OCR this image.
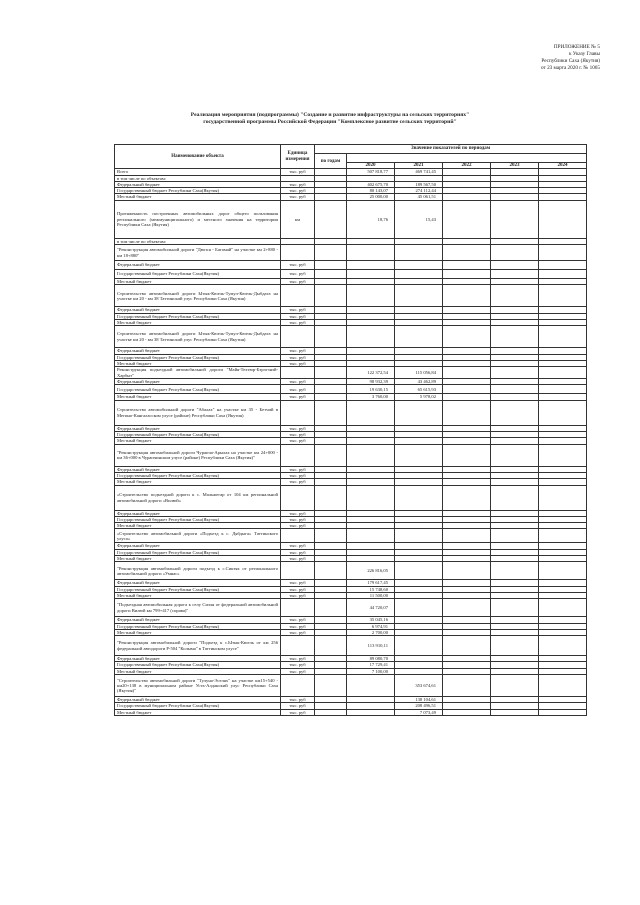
ПРИЛОЖЕНИЕ № 5
к Указу Главы
Республики Саха (Якутия)
от 23 марта 2020 г. № 1065
Реализация мероприятия (подпрограммы) "Создание и развитие инфраструктуры на сельских территориях"
государственной программы Российской Федерации "Комплексное развитие сельских территорий"
Наименование объекта	Единица измерения	Значение показателей по периодам					
		по годам					
			2020	2021	2022	2023	2024
Всего	тыс. руб		507 818,77	469 741,45			
в том числе по объектам:							
Федеральный бюджет	тыс. руб		402 675,70	189 567,50			
Государственный бюджет Республики Саха(Якутия)	тыс. руб		80 143,07	274 112,44			
Местный бюджет	тыс. руб		25 000,00	45 061,51			
Протяженность построенных автомобильных дорог общего пользования регионального (межмуниципального) и местного значения на территории Республики Саха (Якутия)	км		18,76	15,43			
в том числе по объектам:							
"Реконструкция автомобильной дороги "Дюпся - Батамай" на участке км 2+880 - км 18+880"							
Федеральный бюджет	тыс. руб						
Государственный бюджет Республики Саха(Якутия)	тыс. руб						
Местный бюджет	тыс. руб						
Строительство автомобильной дороги Ытык-Кюель-Тумул-Кюель-Дыбдага на участке км 20 - км 38 Таттинский улус Республики Саха (Якутия)							
Федеральный бюджет	тыс. руб						
Государственный бюджет Республики Саха(Якутия)	тыс. руб						
Местный бюджет	тыс. руб						
Строительство автомобильной дороги Ытык-Кюель-Тумул-Кюель-Дыбдага на участке км 20 - км 38 Таттинский улус Республики Саха (Якутия)							
Федеральный бюджет	тыс. руб						
Государственный бюджет Республики Саха(Якутия)	тыс. руб						
Местный бюджет	тыс. руб						
Реконструкция подъездной автомобильной дороги "Майя-Техтюр-Бэрэгэнэй-Харбыт"			122 372,54	115 056,84			
Федеральный бюджет	тыс. руб		98 932,39	43 462,89			
Государственный бюджет Республики Саха(Якутия)	тыс. руб		19 630,15	65 615,93			
Местный бюджет	тыс. руб		3 760,00	5 978,02			
Строительство автомобильной дороги "Абалах" на участке км 35 - Бетчий в Мегино-Кангаласском улусе (районе) Республики Саха (Якутия)							
Федеральный бюджет	тыс. руб						
Государственный бюджет Республики Саха(Якутия)	тыс. руб						
Местный бюджет	тыс. руб						
"Реконструкция автомобильной дороги Чурапча-Арылах на участке км 24+000 - км 36+000 в Чурапчинском улусе (районе) Республики Саха (Якутия)"							
Федеральный бюджет	тыс. руб						
Государственный бюджет Республики Саха(Якутия)	тыс. руб						
Местный бюджет	тыс. руб						
«Строительство подъездной дороги к с. Мальжегар от 104 км региональной автомобильной дороги «Вилюй»							
Федеральный бюджет	тыс. руб						
Государственный бюджет Республики Саха(Якутия)	тыс. руб						
Местный бюджет	тыс. руб						
«Строительство автомобильной дороги «Подъезд к с. Дябдыга» Таттинского улуса»							
Федеральный бюджет	тыс. руб						
Государственный бюджет Республики Саха(Якутия)	тыс. руб						
Местный бюджет	тыс. руб						
"Реконструкция автомобильной дороги подъезд к с.Сиктях от регионального автомобильной дороги «Умнас»			226 816,05				
Федеральный бюджет	тыс. руб		179 617,45				
Государственный бюджет Республики Саха(Якутия)	тыс. руб		15 748,60				
Местный бюджет	тыс. руб		11 500,00				
"Подъездная автомобильная дорога к селу Сиэля от федеральной автомобильной дороги Вилюй км 799+417 (справа)"			44 720,07				
Федеральный бюджет	тыс. руб		35 045,16				
Государственный бюджет Республики Саха(Якутия)	тыс. руб		6 974,91				
Местный бюджет	тыс. руб		2 700,00				
"Реконструкция автомобильной дороги "Подъезд к с.Ытык-Кюель от км 256 федеральной автодороги Р-504 "Колыма" в Таттинском улусе"			113 910,11				
Федеральный бюджет	тыс. руб		89 080,70				
Государственный бюджет Республики Саха(Якутия)	тыс. руб		17 729,41				
Местный бюджет	тыс. руб		7 100,00				
"Строительство автомобильной дороги "Тулуна-Эселях" на участке км15+540 - км20+138 в муниципальном районе Усть-Алданский улус Республики Саха (Якутия)"				353 674,61			
Федеральный бюджет	тыс. руб			138 104,61			
Государственный бюджет Республики Саха(Якутия)	тыс. руб			208 496,51			
Местный бюджет	тыс. руб			7 073,49			
